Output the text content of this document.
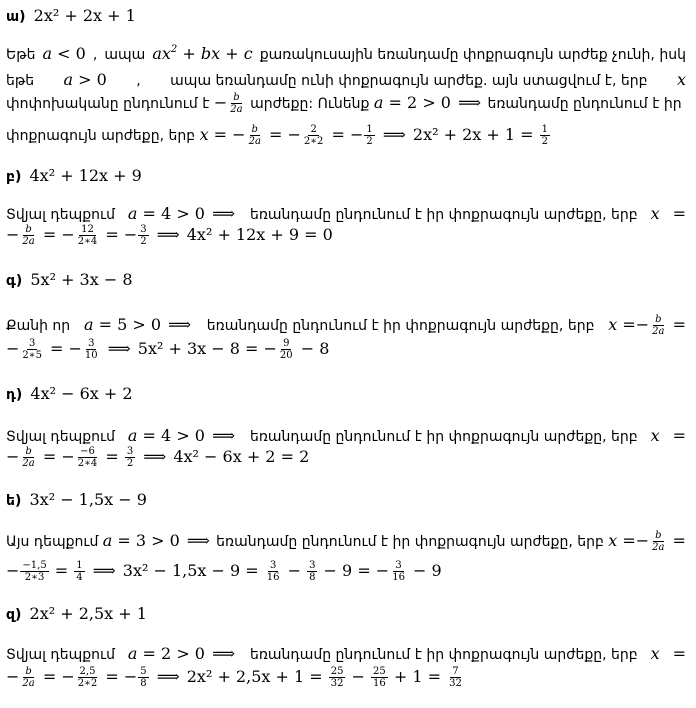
ա) 2x² + 2x + 1
Եթե a < 0 , ապա $ax^2$ + bx + c քառակուսային եռանդամը փոքրագույն արժեք չունի, իսկ
եթե a > 0 , ապա եռանդամը ունի փոքրագույն արժեք. այն ստացվում է, երբ x
փոփոխականը ընդունում է − $\frac{b}{2a}$ արժեքը: Ունենք a = 2 > 0 ⟹ եռանդամը ընդունում է իր
փոքրագույն արժեքը, երբ x = − $\frac{b}{2a}$ = − $\frac{2}{2∗2}$ = − $\frac{1}{2}$ ⟹ $2x^2 + 2x + 1 = \frac{1}{2}$
բ) 4x² + 12x + 9
Տվյալ դեպքում a = 4 > 0 ⟹ եռանդամը ընդունում է իր փոքրագույն արժեքը, երբ x =
− $\frac{b}{2a}$ = − $\frac{12}{2∗4}$ = − $\frac{3}{2}$ ⟹ 4x² + 12x + 9 = 0
գ) 5x² + 3x − 8
Քանի որ a = 5 > 0 ⟹ եռանդամը ընդունում է իր փոքրագույն արժեքը, երբ $x =- \frac{b}{2a}$ =
− $\frac{3}{2∗5}$ = − $\frac{3}{10}$ ⟹ 5x² + 3x − 8 = − $\frac{9}{20} - 8$
դ) 4x² − 6x + 2
Տվյալ դեպքում a = 4 > 0 ⟹ եռանդամը ընդունում է իր փոքրագույն արժեքը, երբ x =
− $\frac{b}{2a}$ = − $\frac{-6}{2∗4} = \frac{3}{2}$ ⟹ 4x² − 6x + 2 = 2
ե) 3x² − 1,5x − 9
Այս դեպքում a = 3 > 0 ⟹ եռանդամը ընդունում է իր փոքրագույն արժեքը, երբ $x =- \frac{b}{2a}$ =
− $\frac{-1,5}{2∗3} = \frac{1}{4}$ ⟹ $3x^2 - 1,5x - 9 = \frac{3}{16} - \frac{3}{8} - 9$ = − $\frac{3}{16} - 9$
զ) 2x² + 2,5x + 1
Տվյալ դեպքում a = 2 > 0 ⟹ եռանդամը ընդունում է իր փոքրագույն արժեքը, երբ x =
− $\frac{b}{2a}$ = − $\frac{2,5}{2∗2}$ = − $\frac{5}{8}$ ⟹ $2x^2 + 2,5x + 1 = \frac{25}{32} - \frac{25}{16} + 1 = \frac{7}{32}$
